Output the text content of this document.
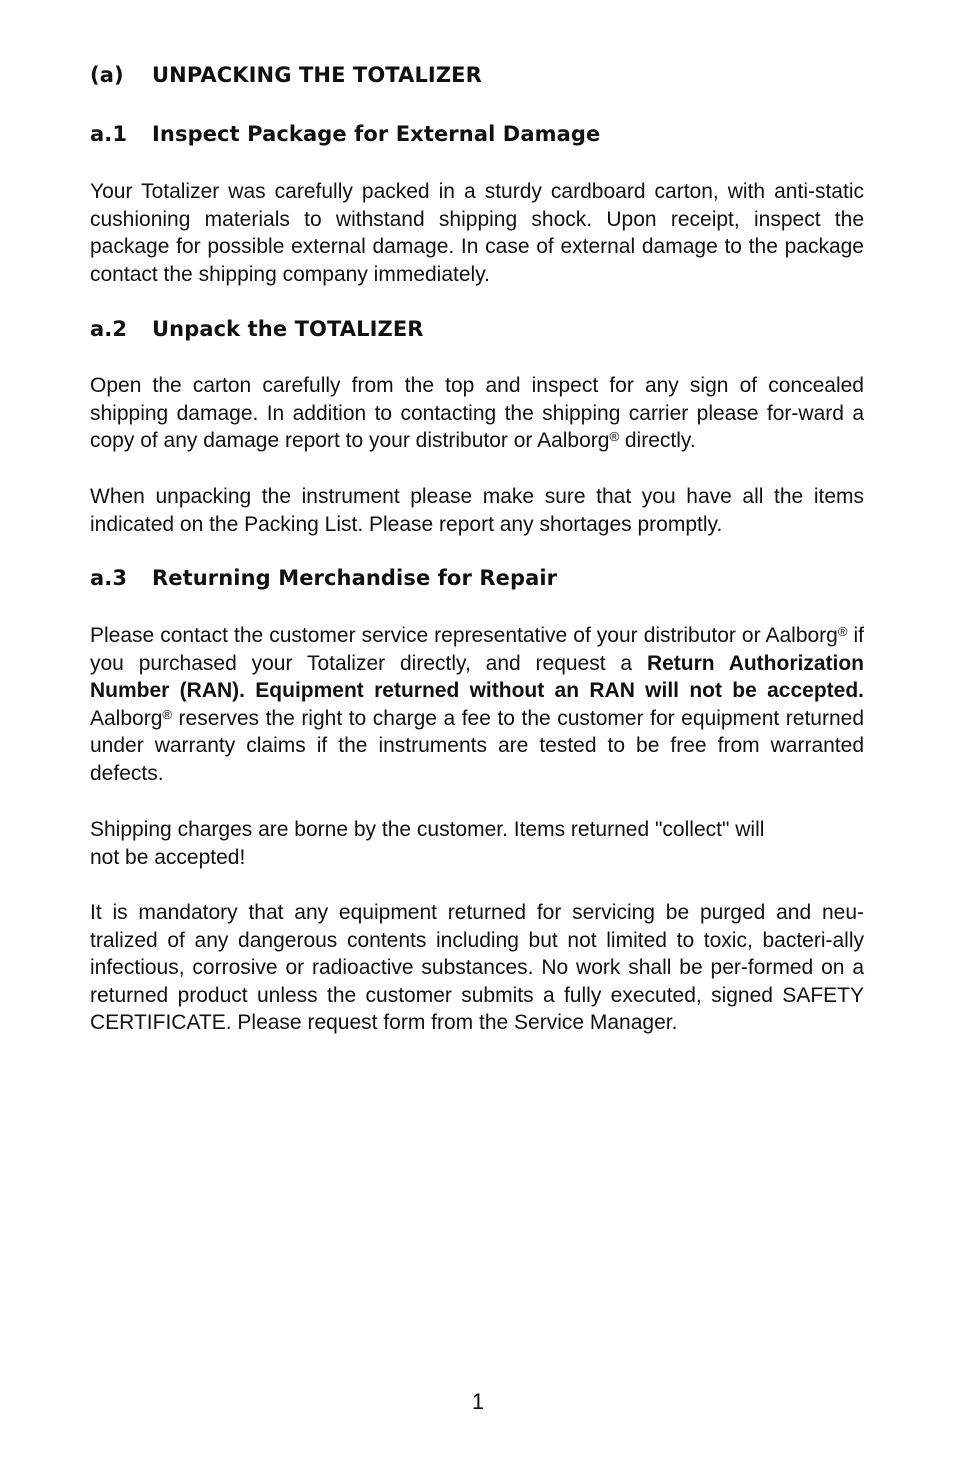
(a) UNPACKING THE TOTALIZER
a.1 Inspect Package for External Damage

Your Totalizer was carefully packed in a sturdy cardboard carton, with anti-static cushioning materials to withstand shipping shock. Upon receipt, inspect the package for possible external damage. In case of external damage to the package contact the shipping company immediately.

a.2 Unpack the TOTALIZER

Open the carton carefully from the top and inspect for any sign of concealed shipping damage. In addition to contacting the shipping carrier please for-ward a copy of any damage report to your distributor or Aalborg® directly.

When unpacking the instrument please make sure that you have all the items indicated on the Packing List. Please report any shortages promptly.

a.3 Returning Merchandise for Repair

Please contact the customer service representative of your distributor or Aalborg® if you purchased your Totalizer directly, and request a Return Authorization Number (RAN). Equipment returned without an RAN will not be accepted. Aalborg® reserves the right to charge a fee to the customer for equipment returned under warranty claims if the instruments are tested to be free from warranted defects.

Shipping charges are borne by the customer. Items returned "collect" will
not be accepted!

It is mandatory that any equipment returned for servicing be purged and neu-tralized of any dangerous contents including but not limited to toxic, bacteri-ally infectious, corrosive or radioactive substances. No work shall be per-formed on a returned product unless the customer submits a fully executed, signed SAFETY CERTIFICATE. Please request form from the Service Manager.

1
